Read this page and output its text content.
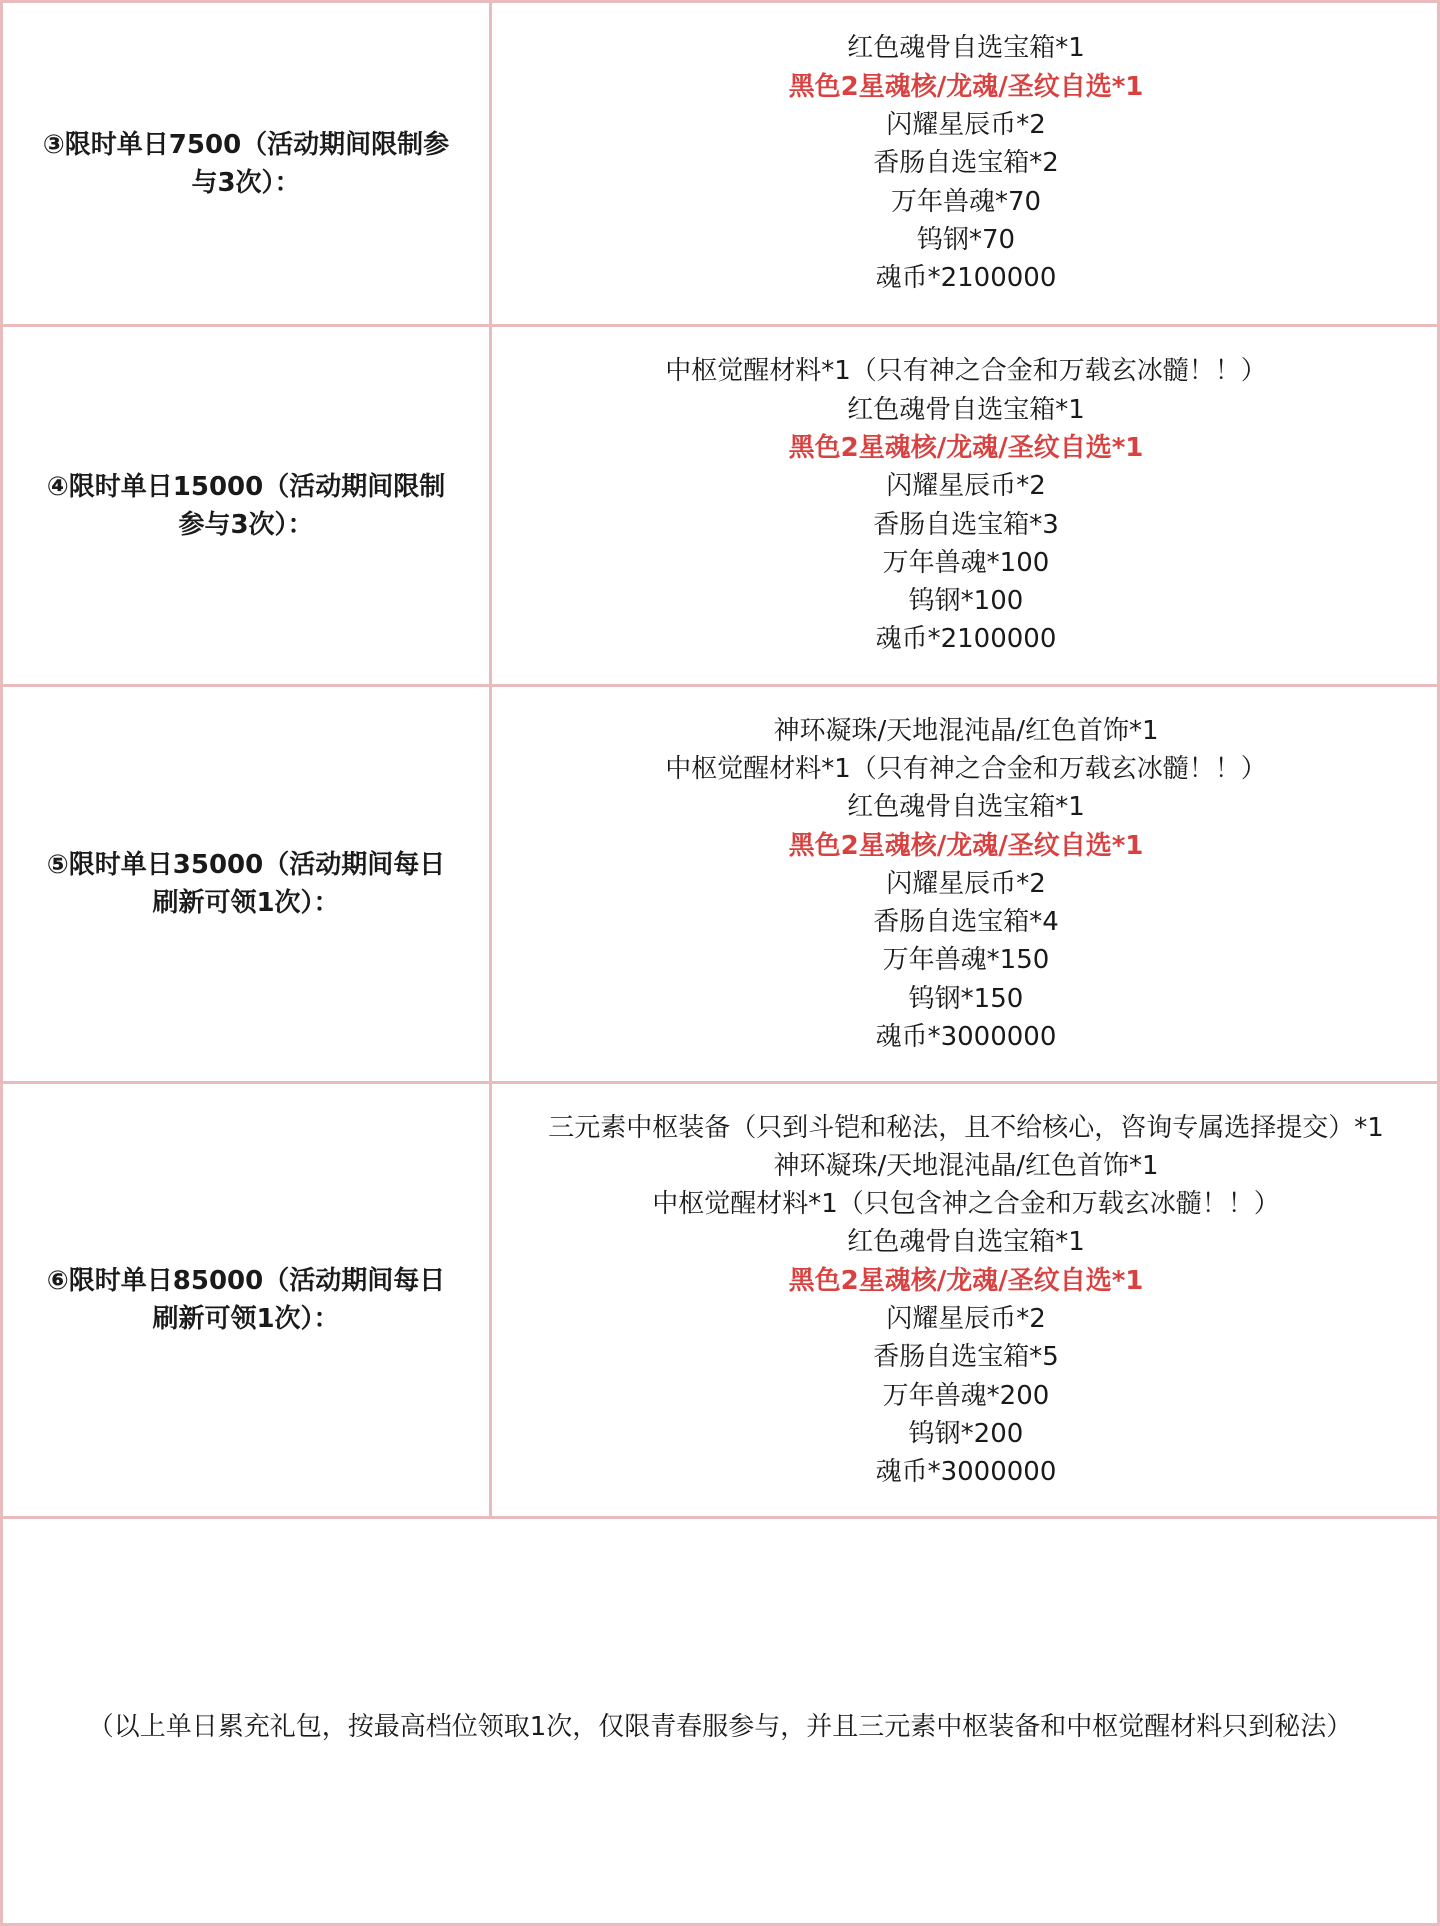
③限时单日7500（活动期间限制参
与3次）：
红色魂骨自选宝箱*1
黑色2星魂核/龙魂/圣纹自选*1
闪耀星辰币*2
香肠自选宝箱*2
万年兽魂*70
钨钢*70
魂币*2100000
④限时单日15000（活动期间限制
参与3次）：
中枢觉醒材料*1（只有神之合金和万载玄冰髓！！）
红色魂骨自选宝箱*1
黑色2星魂核/龙魂/圣纹自选*1
闪耀星辰币*2
香肠自选宝箱*3
万年兽魂*100
钨钢*100
魂币*2100000
⑤限时单日35000（活动期间每日
刷新可领1次）：
神环凝珠/天地混沌晶/红色首饰*1
中枢觉醒材料*1（只有神之合金和万载玄冰髓！！）
红色魂骨自选宝箱*1
黑色2星魂核/龙魂/圣纹自选*1
闪耀星辰币*2
香肠自选宝箱*4
万年兽魂*150
钨钢*150
魂币*3000000
⑥限时单日85000（活动期间每日
刷新可领1次）：
三元素中枢装备（只到斗铠和秘法，且不给核心，咨询专属选择提交）*1
神环凝珠/天地混沌晶/红色首饰*1
中枢觉醒材料*1（只包含神之合金和万载玄冰髓！！）
红色魂骨自选宝箱*1
黑色2星魂核/龙魂/圣纹自选*1
闪耀星辰币*2
香肠自选宝箱*5
万年兽魂*200
钨钢*200
魂币*3000000
（以上单日累充礼包，按最高档位领取1次，仅限青春服参与，并且三元素中枢装备和中枢觉醒材料只到秘法）
